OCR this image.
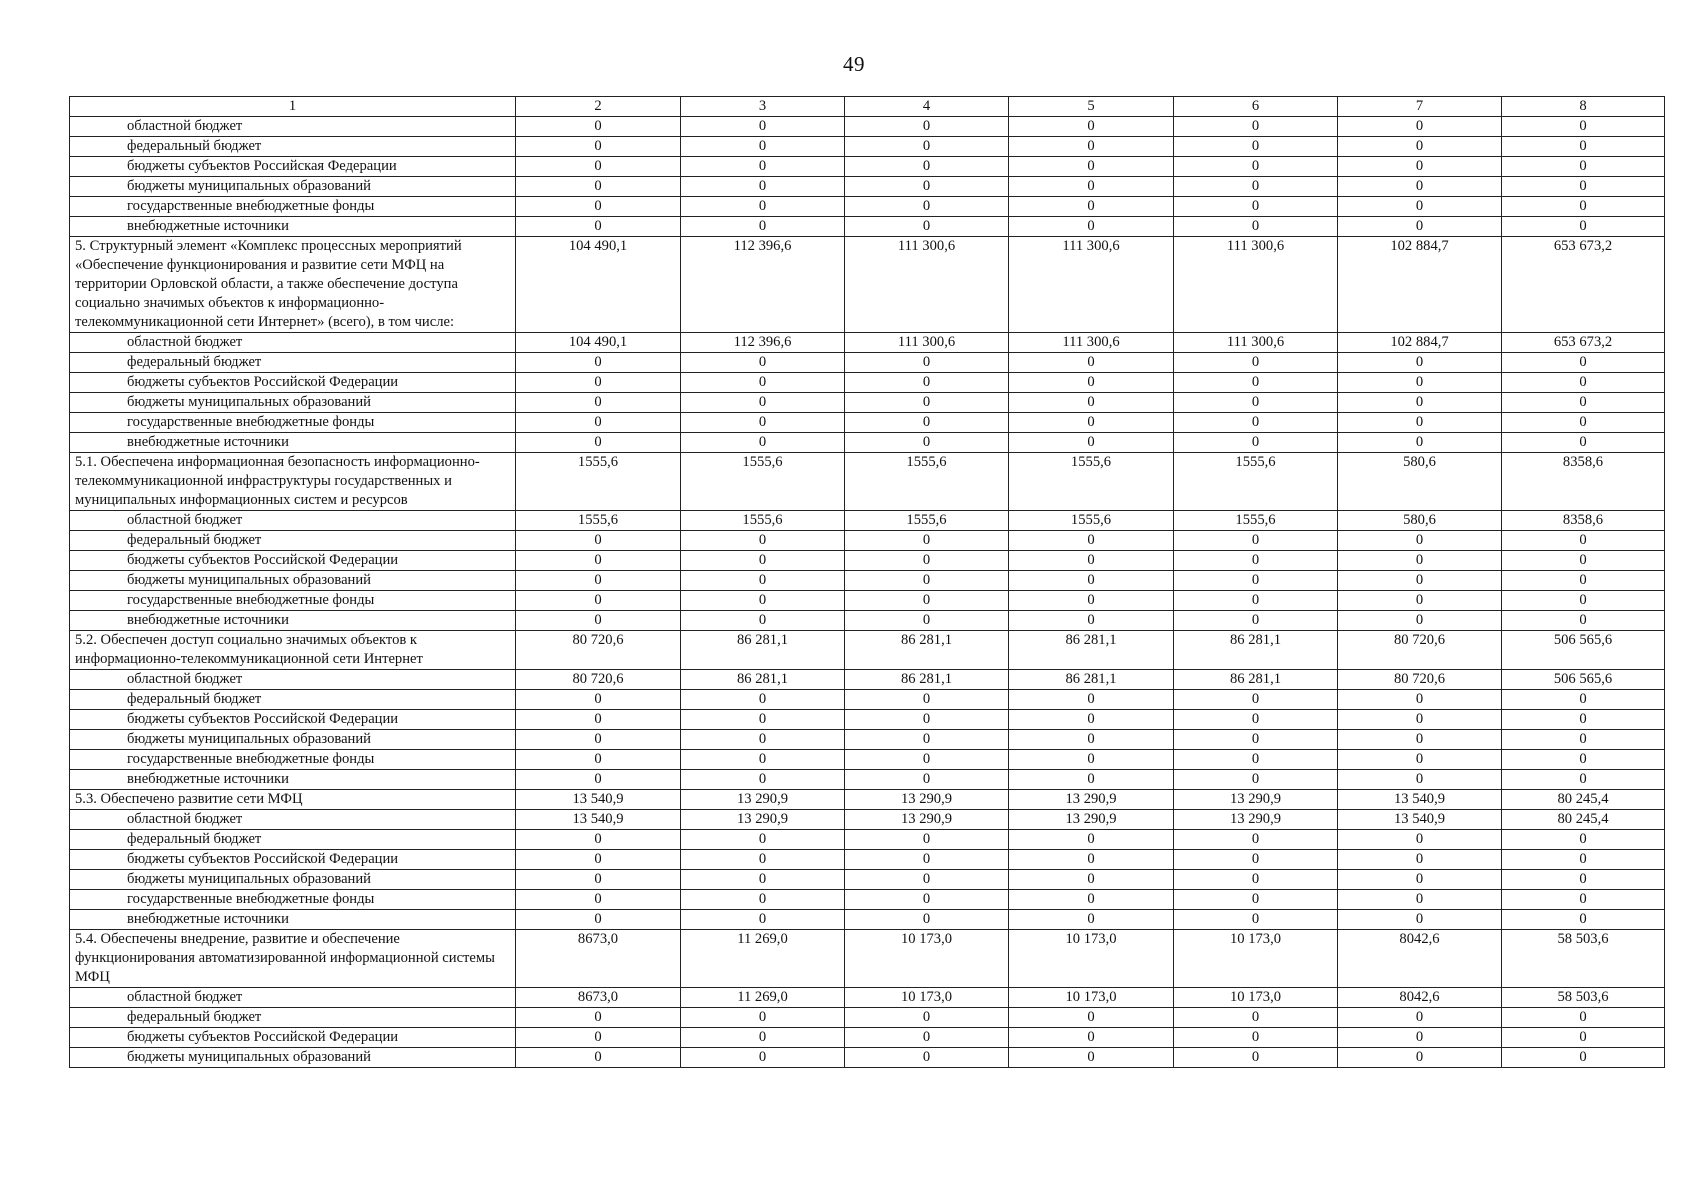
49
1	2	3	4	5	6	7	8
областной бюджет	0	0	0	0	0	0	0
федеральный бюджет	0	0	0	0	0	0	0
бюджеты субъектов Российская Федерации	0	0	0	0	0	0	0
бюджеты муниципальных образований	0	0	0	0	0	0	0
государственные внебюджетные фонды	0	0	0	0	0	0	0
внебюджетные источники	0	0	0	0	0	0	0
5. Структурный элемент «Комплекс процессных мероприятий «Обеспечение функционирования и развитие сети МФЦ на территории Орловской области, а также обеспечение доступа социально значимых объектов к информационно-телекоммуникационной сети Интернет» (всего), в том числе:	104 490,1	112 396,6	111 300,6	111 300,6	111 300,6	102 884,7	653 673,2
областной бюджет	104 490,1	112 396,6	111 300,6	111 300,6	111 300,6	102 884,7	653 673,2
федеральный бюджет	0	0	0	0	0	0	0
бюджеты субъектов Российской Федерации	0	0	0	0	0	0	0
бюджеты муниципальных образований	0	0	0	0	0	0	0
государственные внебюджетные фонды	0	0	0	0	0	0	0
внебюджетные источники	0	0	0	0	0	0	0
5.1. Обеспечена информационная безопасность информационно-телекоммуникационной инфраструктуры государственных и муниципальных информационных систем и ресурсов	1555,6	1555,6	1555,6	1555,6	1555,6	580,6	8358,6
областной бюджет	1555,6	1555,6	1555,6	1555,6	1555,6	580,6	8358,6
федеральный бюджет	0	0	0	0	0	0	0
бюджеты субъектов Российской Федерации	0	0	0	0	0	0	0
бюджеты муниципальных образований	0	0	0	0	0	0	0
государственные внебюджетные фонды	0	0	0	0	0	0	0
внебюджетные источники	0	0	0	0	0	0	0
5.2. Обеспечен доступ социально значимых объектов к информационно-телекоммуникационной сети Интернет	80 720,6	86 281,1	86 281,1	86 281,1	86 281,1	80 720,6	506 565,6
областной бюджет	80 720,6	86 281,1	86 281,1	86 281,1	86 281,1	80 720,6	506 565,6
федеральный бюджет	0	0	0	0	0	0	0
бюджеты субъектов Российской Федерации	0	0	0	0	0	0	0
бюджеты муниципальных образований	0	0	0	0	0	0	0
государственные внебюджетные фонды	0	0	0	0	0	0	0
внебюджетные источники	0	0	0	0	0	0	0
5.3. Обеспечено развитие сети МФЦ	13 540,9	13 290,9	13 290,9	13 290,9	13 290,9	13 540,9	80 245,4
областной бюджет	13 540,9	13 290,9	13 290,9	13 290,9	13 290,9	13 540,9	80 245,4
федеральный бюджет	0	0	0	0	0	0	0
бюджеты субъектов Российской Федерации	0	0	0	0	0	0	0
бюджеты муниципальных образований	0	0	0	0	0	0	0
государственные внебюджетные фонды	0	0	0	0	0	0	0
внебюджетные источники	0	0	0	0	0	0	0
5.4. Обеспечены внедрение, развитие и обеспечение функционирования автоматизированной информационной системы МФЦ	8673,0	11 269,0	10 173,0	10 173,0	10 173,0	8042,6	58 503,6
областной бюджет	8673,0	11 269,0	10 173,0	10 173,0	10 173,0	8042,6	58 503,6
федеральный бюджет	0	0	0	0	0	0	0
бюджеты субъектов Российской Федерации	0	0	0	0	0	0	0
бюджеты муниципальных образований	0	0	0	0	0	0	0
